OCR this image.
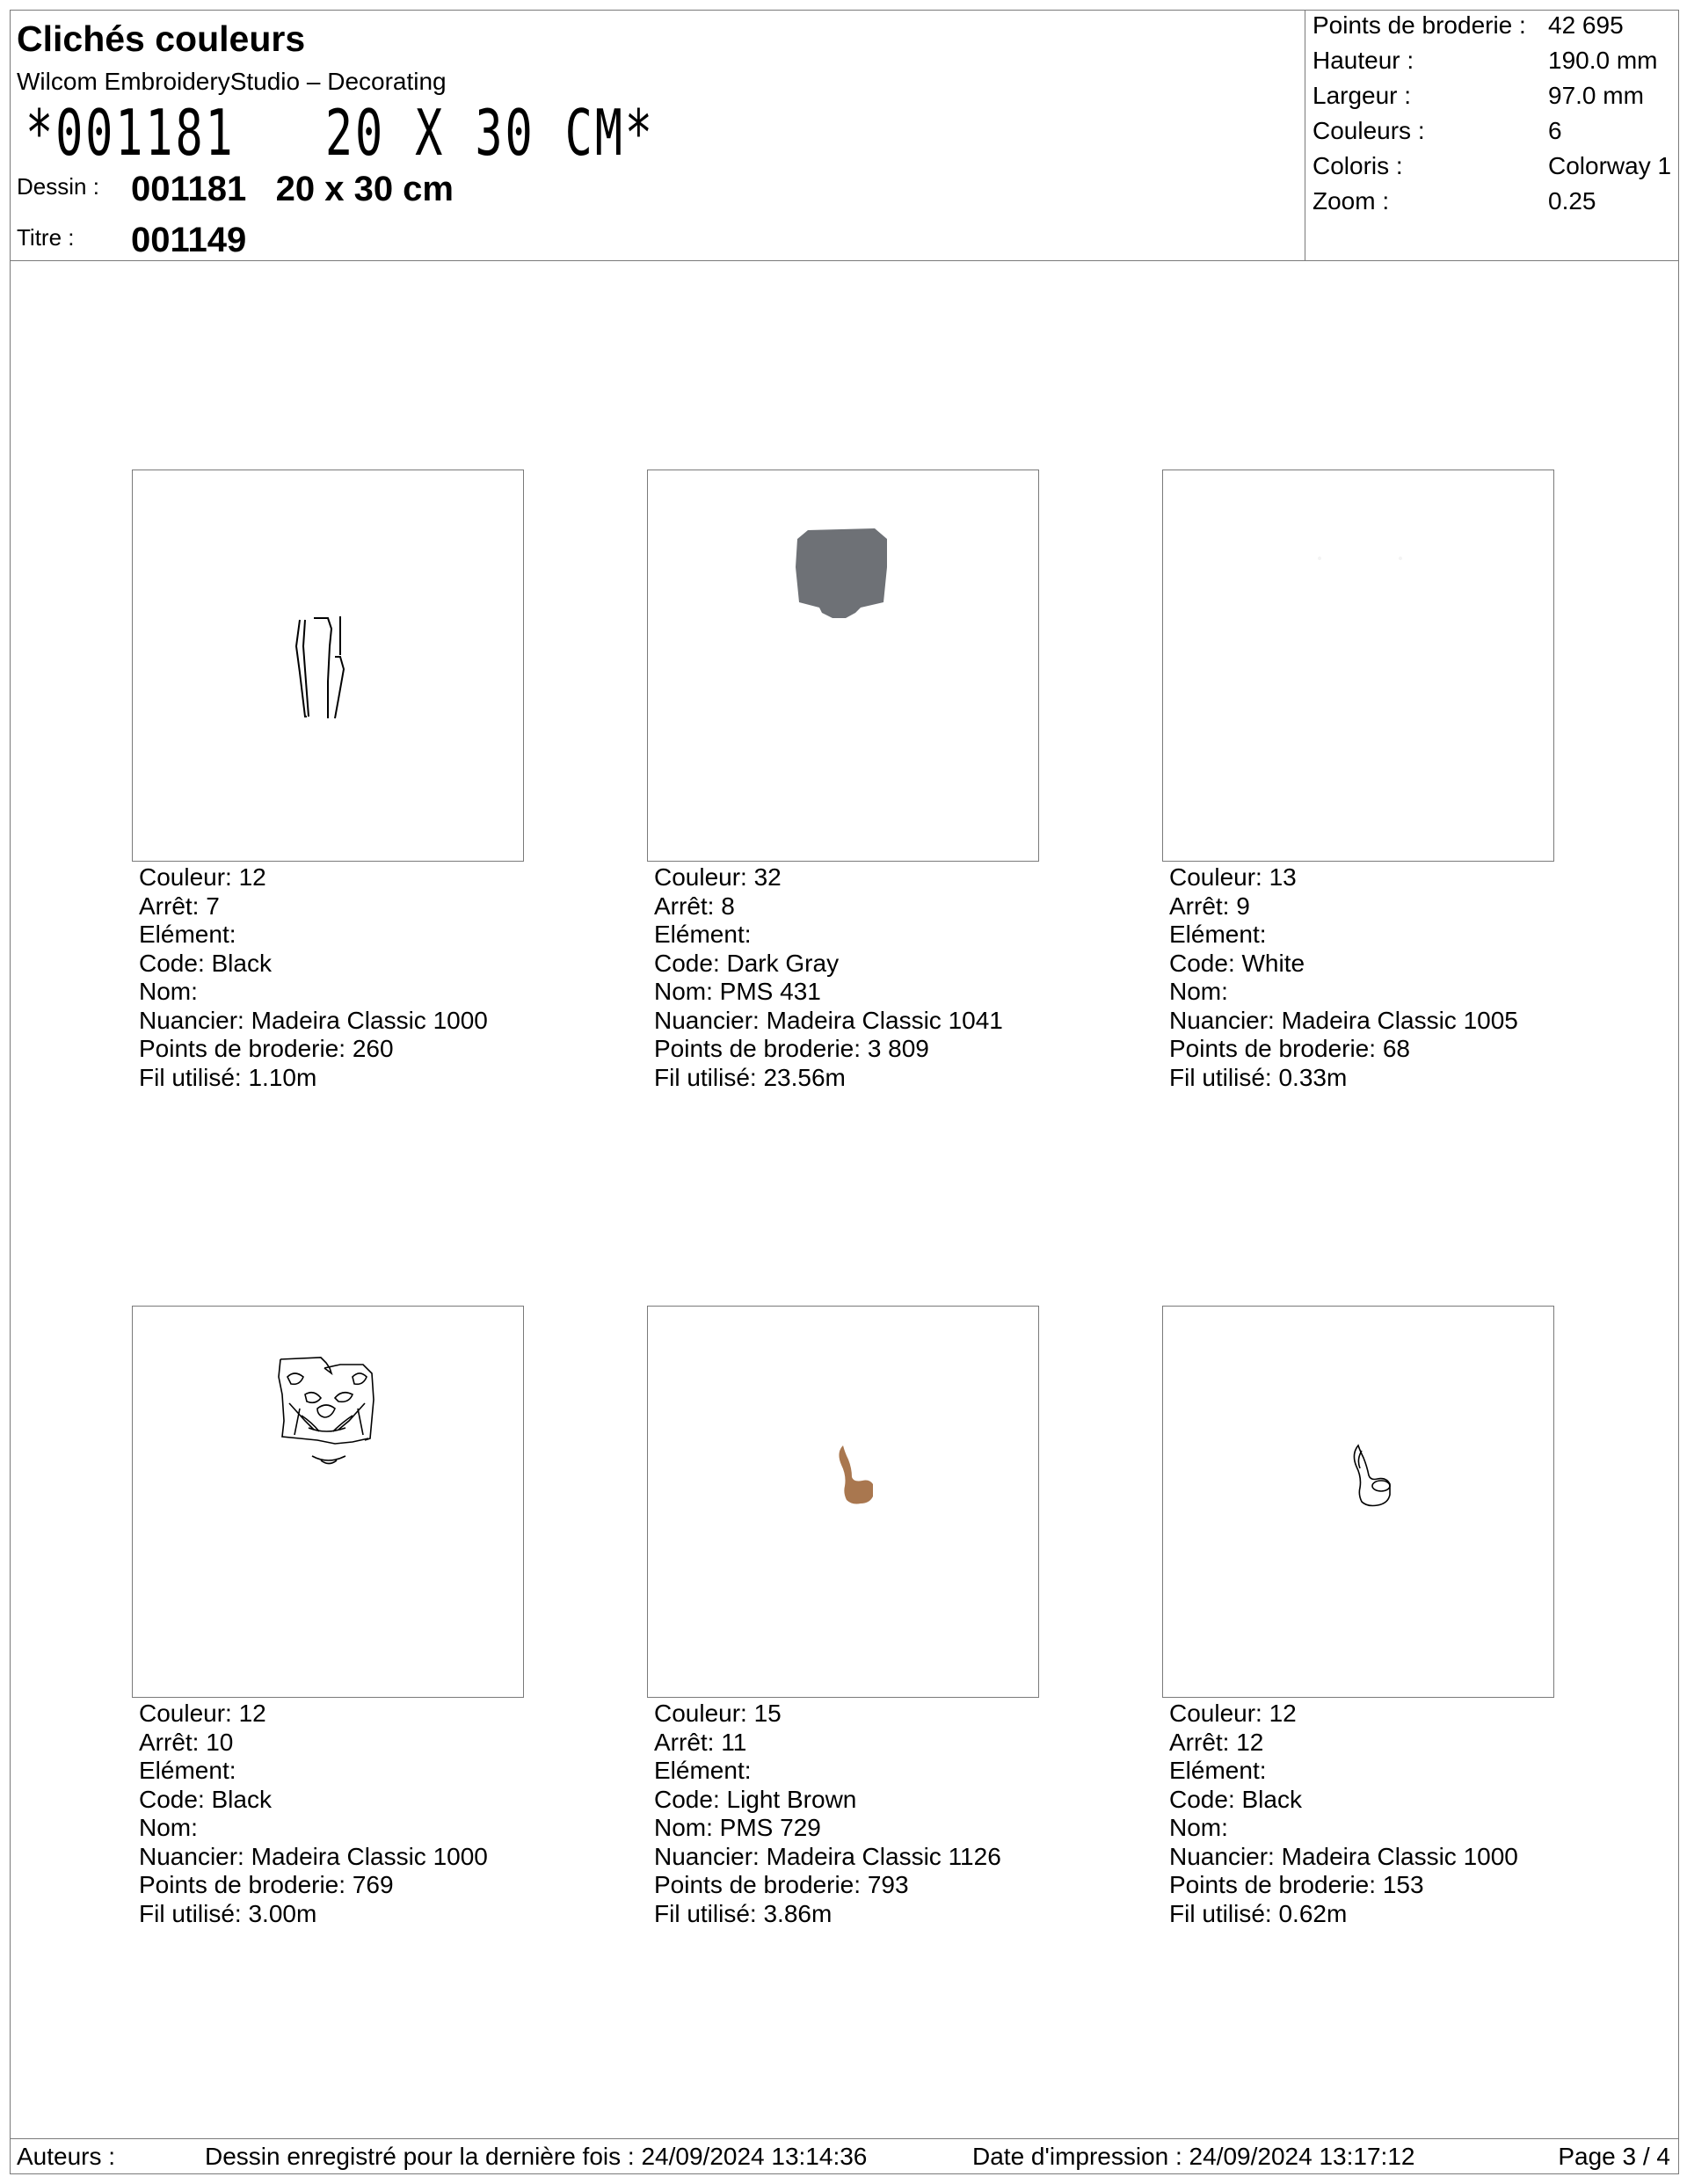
Clichés couleurs
Wilcom EmbroideryStudio – Decorating
*001181   20 X 30 CM*
Dessin : 001181   20 x 30 cm
Titre : 001149
Points de broderie : 42 695
Hauteur :	190.0 mm
Largeur :	97.0 mm
Couleurs :	6
Coloris :	Colorway 1
Zoom :	0.25
Couleur: 12
Arrêt: 7
Elément:
Code: Black
Nom:
Nuancier: Madeira Classic 1000
Points de broderie: 260
Fil utilisé: 1.10m
Couleur: 32
Arrêt: 8
Elément:
Code: Dark Gray
Nom: PMS 431
Nuancier: Madeira Classic 1041
Points de broderie: 3 809
Fil utilisé: 23.56m
Couleur: 13
Arrêt: 9
Elément:
Code: White
Nom:
Nuancier: Madeira Classic 1005
Points de broderie: 68
Fil utilisé: 0.33m
Couleur: 12
Arrêt: 10
Elément:
Code: Black
Nom:
Nuancier: Madeira Classic 1000
Points de broderie: 769
Fil utilisé: 3.00m
Couleur: 15
Arrêt: 11
Elément:
Code: Light Brown
Nom: PMS 729
Nuancier: Madeira Classic 1126
Points de broderie: 793
Fil utilisé: 3.86m
Couleur: 12
Arrêt: 12
Elément:
Code: Black
Nom:
Nuancier: Madeira Classic 1000
Points de broderie: 153
Fil utilisé: 0.62m
Auteurs :	Dessin enregistré pour la dernière fois : 24/09/2024 13:14:36	Date d'impression : 24/09/2024 13:17:12	Page 3 / 4
